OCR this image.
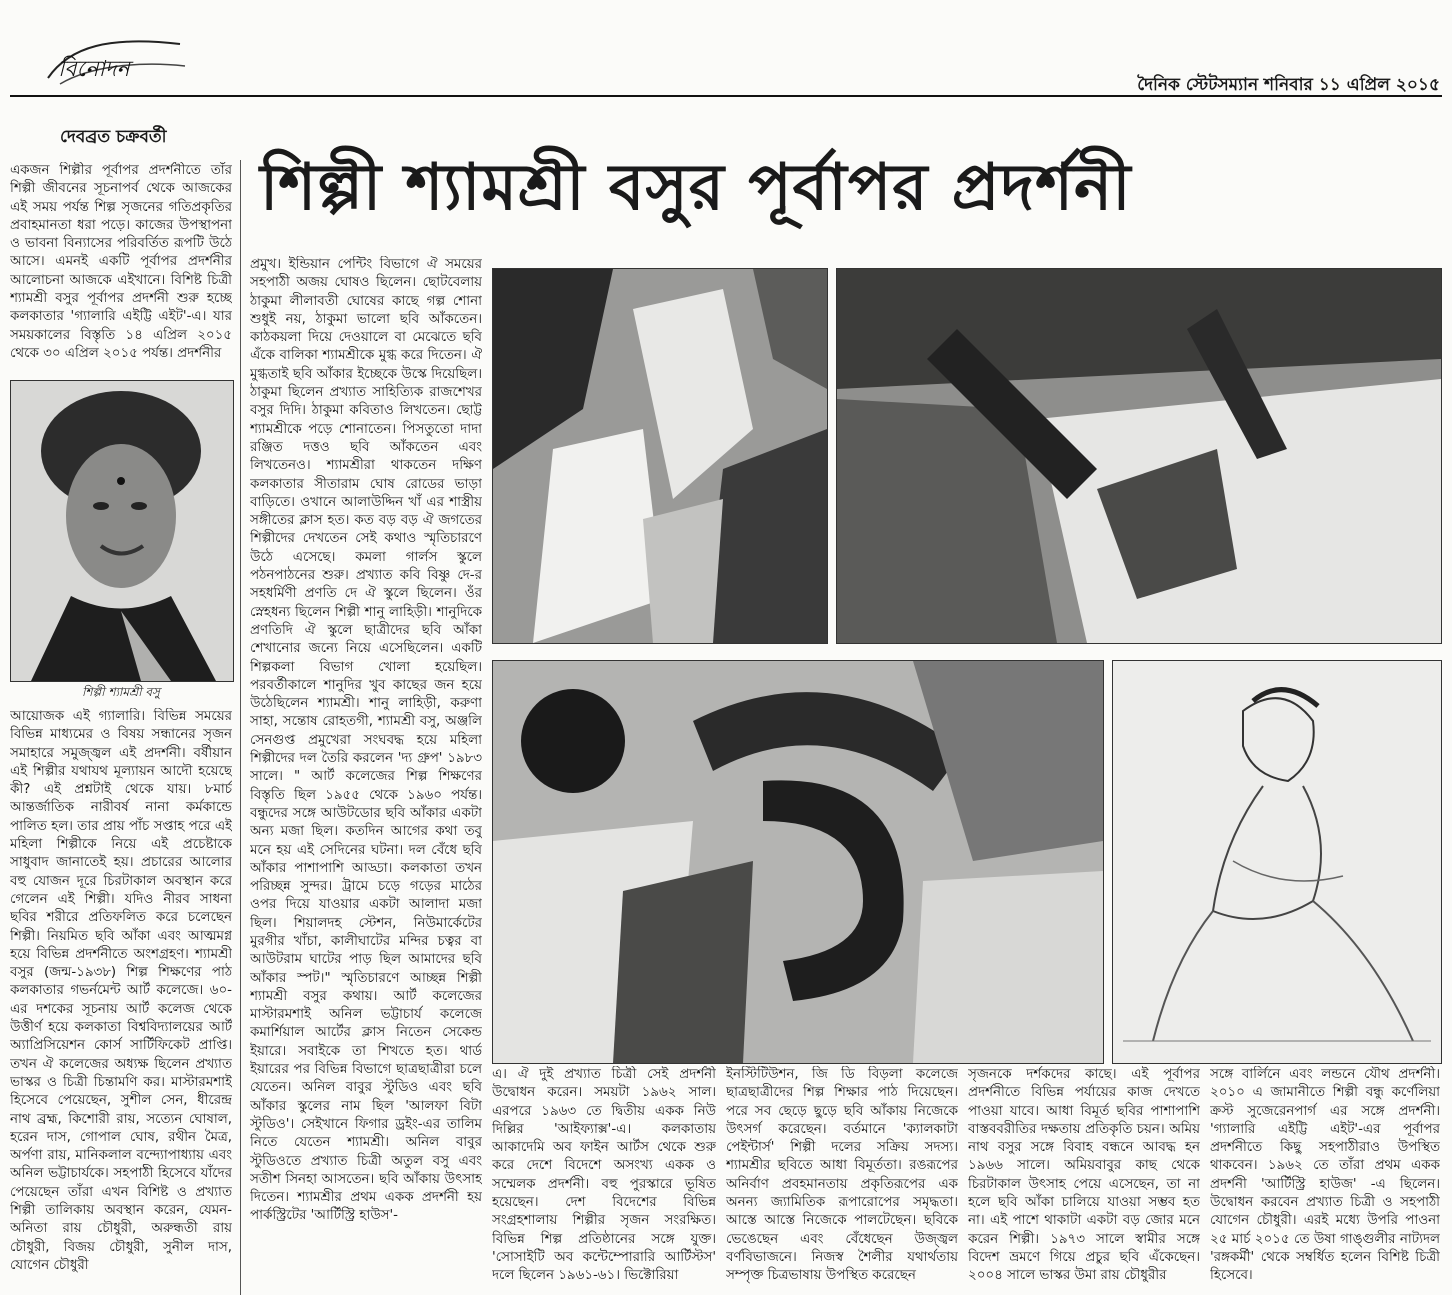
বিনোদন
দৈনিক স্টেটসম্যান শনিবার ১১ এপ্রিল ২০১৫
দেবব্রত চক্রবর্তী
শিল্পী শ্যামশ্রী বসুর পূর্বাপর প্রদর্শনী

একজন শিল্পীর পূর্বাপর প্রদর্শনীতে তাঁর শিল্পী জীবনের সূচনাপর্ব থেকে আজকের এই সময় পর্যন্ত শিল্প সৃজনের গতিপ্রকৃতির প্রবাহমানতা ধরা পড়ে। কাজের উপস্থাপনা ও ভাবনা বিন্যাসের পরিবর্তিত রূপটি উঠে আসে। এমনই একটি পূর্বাপর প্রদর্শনীর আলোচনা আজকে এইখানে। বিশিষ্ট চিত্রী শ্যামশ্রী বসুর পূর্বাপর প্রদর্শনী শুরু হচ্ছে কলকাতার 'গ্যালারি এইট্টি এইট'-এ। যার সময়কালের বিস্তৃতি ১৪ এপ্রিল ২০১৫ থেকে ৩০ এপ্রিল ২০১৫ পর্যন্ত। প্রদর্শনীর

শিল্পী শ্যামশ্রী বসু

আয়োজক এই গ্যালারি। বিভিন্ন সময়ের বিভিন্ন মাধ্যমের ও বিষয় সন্ধানের সৃজন সমাহারে সমুজ্জ্বল এই প্রদর্শনী। বর্ষীয়ান এই শিল্পীর যথাযথ মূল্যায়ন আদৌ হয়েছে কী? এই প্রশ্নটাই থেকে যায়। ৮মার্চ আন্তর্জাতিক নারীবর্ষ নানা কর্মকান্ডে পালিত হল। তার প্রায় পাঁচ সপ্তাহ পরে এই মহিলা শিল্পীকে নিয়ে এই প্রচেষ্টাকে সাধুবাদ জানাতেই হয়। প্রচারের আলোর বহু যোজন দূরে চিরটাকাল অবস্থান করে গেলেন এই শিল্পী। যদিও নীরব সাধনা ছবির শরীরে প্রতিফলিত করে চলেছেন শিল্পী। নিয়মিত ছবি আঁকা এবং আত্মমগ্ন হয়ে বিভিন্ন প্রদর্শনীতে অংশগ্রহণ। শ্যামশ্রী বসুর (জন্ম-১৯৩৮) শিল্প শিক্ষণের পাঠ কলকাতার গভর্নমেন্ট আর্ট কলেজে। ৬০-এর দশকের সূচনায় আর্ট কলেজ থেকে উত্তীর্ণ হয়ে কলকাতা বিশ্ববিদ্যালয়ের আর্ট অ্যাপ্রিসিয়েশন কোর্স সার্টিফিকেট প্রাপ্তি। তখন ঐ কলেজের অধ্যক্ষ ছিলেন প্রখ্যাত ভাস্কর ও চিত্রী চিন্তামণি কর। মাস্টারমশাই হিসেবে পেয়েছেন, সুশীল সেন, ধীরেন্দ্র নাথ ব্রহ্ম, কিশোরী রায়, সত্যেন ঘোষাল, হরেন দাস, গোপাল ঘোষ, রথীন মৈত্র, অর্পণা রায়, মানিকলাল বন্দ্যোপাধ্যায় এবং অনিল ভট্টাচার্যকে। সহপাঠী হিসেবে যাঁদের পেয়েছেন তাঁরা এখন বিশিষ্ট ও প্রখ্যাত শিল্পী তালিকায় অবস্থান করেন, যেমন- অনিতা রায় চৌধুরী, অরুন্ধতী রায় চৌধুরী, বিজয় চৌধুরী, সুনীল দাস, যোগেন চৌধুরী

প্রমুখ। ইন্ডিয়ান পেন্টিং বিভাগে ঐ সময়ের সহপাঠী অজয় ঘোষও ছিলেন। ছোটবেলায় ঠাকুমা লীলাবতী ঘোষের কাছে গল্প শোনা শুধুই নয়, ঠাকুমা ভালো ছবি আঁকতেন। কাঠকয়লা দিয়ে দেওয়ালে বা মেঝেতে ছবি এঁকে বালিকা শ্যামশ্রীকে মুগ্ধ করে দিতেন। ঐ মুগ্ধতাই ছবি আঁকার ইচ্ছেকে উস্কে দিয়েছিল। ঠাকুমা ছিলেন প্রখ্যাত সাহিত্যিক রাজশেখর বসুর দিদি। ঠাকুমা কবিতাও লিখতেন। ছোট্ট শ্যামশ্রীকে পড়ে শোনাতেন। পিসতুতো দাদা রঞ্জিত দত্তও ছবি আঁকতেন এবং লিখতেনও। শ্যামশ্রীরা থাকতেন দক্ষিণ কলকাতার সীতারাম ঘোষ রোডের ভাড়া বাড়িতে। ওখানে আলাউদ্দিন খাঁ এর শাস্ত্রীয় সঙ্গীতের ক্লাস হত। কত বড় বড় ঐ জগতের শিল্পীদের দেখতেন সেই কথাও স্মৃতিচারণে উঠে এসেছে। কমলা গার্লস স্কুলে পঠনপাঠনের শুরু। প্রখ্যাত কবি বিষ্ণু দে-র সহধর্মিণী প্রণতি দে ঐ স্কুলে ছিলেন। ওঁর স্নেহধন্য ছিলেন শিল্পী শানু লাহিড়ী। শানুদিকে প্রণতিদি ঐ স্কুলে ছাত্রীদের ছবি আঁকা শেখানোর জন্যে নিয়ে এসেছিলেন। একটি শিল্পকলা বিভাগ খোলা হয়েছিল। পরবর্তীকালে শানুদির খুব কাছের জন হয়ে উঠেছিলেন শ্যামশ্রী। শানু লাহিড়ী, করুণা সাহা, সন্তোষ রোহতগী, শ্যামশ্রী বসু, অঞ্জলি সেনগুপ্ত প্রমুখেরা সংঘবদ্ধ হয়ে মহিলা শিল্পীদের দল তৈরি করলেন 'দ্য গ্রুপ' ১৯৮৩ সালে। " আর্ট কলেজের শিল্প শিক্ষণের বিস্তৃতি ছিল ১৯৫৫ থেকে ১৯৬০ পর্যন্ত। বন্ধুদের সঙ্গে আউটডোর ছবি আঁকার একটা অন্য মজা ছিল। কতদিন আগের কথা তবু মনে হয় এই সেদিনের ঘটনা। দল বেঁধে ছবি আঁকার পাশাপাশি আড্ডা। কলকাতা তখন পরিচ্ছন্ন সুন্দর। ট্রামে চড়ে গড়ের মাঠের ওপর দিয়ে যাওয়ার একটা আলাদা মজা ছিল। শিয়ালদহ স্টেশন, নিউমার্কেটের মুরগীর খাঁচা, কালীঘাটের মন্দির চত্বর বা আউটরাম ঘাটের পাড় ছিল আমাদের ছবি আঁকার স্পট।" স্মৃতিচারণে আচ্ছন্ন শিল্পী শ্যামশ্রী বসুর কথায়। আর্ট কলেজের মাস্টারমশাই অনিল ভট্টাচার্য কলেজে কমার্শিয়াল আর্টের ক্লাস নিতেন সেকেন্ড ইয়ারে। সবাইকে তা শিখতে হত। থার্ড ইয়ারের পর বিভিন্ন বিভাগে ছাত্রছাত্রীরা চলে যেতেন। অনিল বাবুর স্টুডিও এবং ছবি আঁকার স্কুলের নাম ছিল 'আলফা বিটা স্টুডিও'। সেইখানে ফিগার ড্রইং-এর তালিম নিতে যেতেন শ্যামশ্রী। অনিল বাবুর স্টুডিওতে প্রখ্যাত চিত্রী অতুল বসু এবং সতীশ সিনহা আসতেন। ছবি আঁকায় উৎসাহ দিতেন। শ্যামশ্রীর প্রথম একক প্রদর্শনী হয় পার্কস্ট্রিটের 'আর্টিস্ট্রি হাউস'-

এ। ঐ দুই প্রখ্যাত চিত্রী সেই প্রদর্শনী উদ্বোধন করেন। সময়টা ১৯৬২ সাল। এরপরে ১৯৬৩ তে দ্বিতীয় একক নিউ দিল্লির 'আইফ্যাক্স'-এ। কলকাতায় আকাদেমি অব ফাইন আর্টস থেকে শুরু করে দেশে বিদেশে অসংখ্য একক ও সম্মেলক প্রদর্শনী। বহু পুরস্কারে ভূষিত হয়েছেন। দেশ বিদেশের বিভিন্ন সংগ্রহশালায় শিল্পীর সৃজন সংরক্ষিত। বিভিন্ন শিল্প প্রতিষ্ঠানের সঙ্গে যুক্ত। 'সোসাইটি অব কন্টেম্পোরারি আর্টিস্টস' দলে ছিলেন ১৯৬১-৬১। ভিক্টোরিয়া

ইনস্টিটিউশন, জি ডি বিড়লা কলেজে ছাত্রছাত্রীদের শিল্প শিক্ষার পাঠ দিয়েছেন। পরে সব ছেড়ে ছুড়ে ছবি আঁকায় নিজেকে উৎসর্গ করেছেন। বর্তমানে 'ক্যালকাটা পেইন্টার্স' শিল্পী দলের সক্রিয় সদস্য। শ্যামশ্রীর ছবিতে আধা বিমূর্ততা। রঙরূপের অনির্বাণ প্রবহমানতায় প্রকৃতিরূপের এক অনন্য জ্যামিতিক রূপারোপের সমৃদ্ধতা। আস্তে আস্তে নিজেকে পালটেছেন। ছবিকে ভেঙেছেন এবং বেঁধেছেন উজ্জ্বল বর্ণবিভাজনে। নিজস্ব শৈলীর যথার্থতায় সম্পৃক্ত চিত্রভাষায় উপস্থিত করেছেন

সৃজনকে দর্শকদের কাছে। এই পূর্বাপর প্রদর্শনীতে বিভিন্ন পর্যায়ের কাজ দেখতে পাওয়া যাবে। আধা বিমূর্ত ছবির পাশাপাশি বাস্তববরীতির দক্ষতায় প্রতিকৃতি চয়ন। অমিয় নাথ বসুর সঙ্গে বিবাহ বন্ধনে আবদ্ধ হন ১৯৬৬ সালে। অমিয়বাবুর কাছ থেকে চিরটাকাল উৎসাহ পেয়ে এসেছেন, তা না হলে ছবি আঁকা চালিয়ে যাওয়া সম্ভব হত না। এই পাশে থাকাটা একটা বড় জোর মনে করেন শিল্পী। ১৯৭৩ সালে স্বামীর সঙ্গে বিদেশ ভ্রমণে গিয়ে প্রচুর ছবি এঁকেছেন। ২০০৪ সালে ভাস্কর উমা রায় চৌধুরীর

সঙ্গে বার্লিনে এবং লন্ডনে যৌথ প্রদর্শনী। ২০১০ এ জামানীতে শিল্পী বন্ধু কর্ণেলিয়া ক্রস্ট সুজেরেনপার্গ এর সঙ্গে প্রদর্শনী। 'গ্যালারি এইট্টি এইট'-এর পূর্বাপর প্রদর্শনীতে কিছু সহপাঠীরাও উপস্থিত থাকবেন। ১৯৬২ তে তাঁরা প্রথম একক প্রদর্শনী 'আর্টিস্ট্রি হাউজ' -এ ছিলেন। উদ্বোধন করবেন প্রখ্যাত চিত্রী ও সহপাঠী যোগেন চৌধুরী। এরই মধ্যে উপরি পাওনা ২৫ মার্চ ২০১৫ তে উষা গাঙ্গুলীর নাট্যদল 'রঙ্গকর্মী' থেকে সম্বর্ধিত হলেন বিশিষ্ট চিত্রী হিসেবে।
